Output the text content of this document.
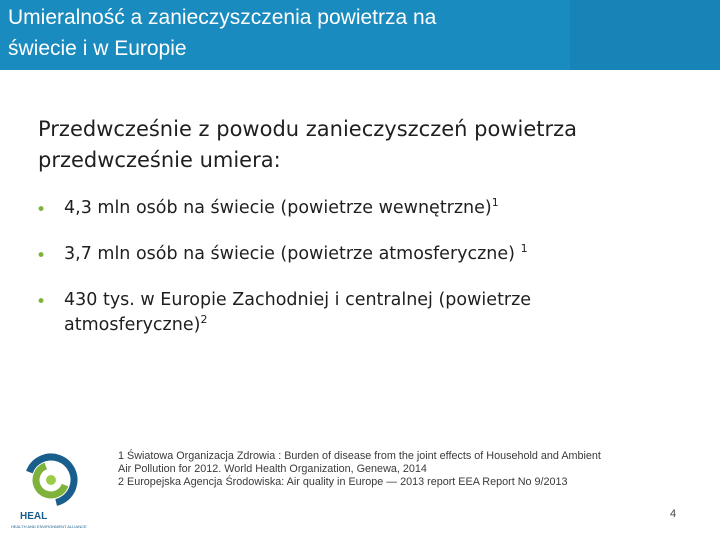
Umieralność a zanieczyszczenia powietrza na
świecie i w Europie
Przedwcześnie z powodu zanieczyszczeń powietrza
przedwcześnie umiera:
• 4,3 mln osób na świecie (powietrze wewnętrzne)$^1$
• 3,7 mln osób na świecie (powietrze atmosferyczne) $^1$
• 430 tys. w Europie Zachodniej i centralnej (powietrze
atmosferyczne)$^2$
HEAL
HEALTH AND ENVIRONMENT ALLIANCE
1 Światowa Organizacja Zdrowia : Burden of disease from the joint effects of Household and Ambient
Air Pollution for 2012. World Health Organization, Genewa, 2014
2 Europejska Agencja Środowiska: Air quality in Europe — 2013 report EEA Report No 9/2013
4
